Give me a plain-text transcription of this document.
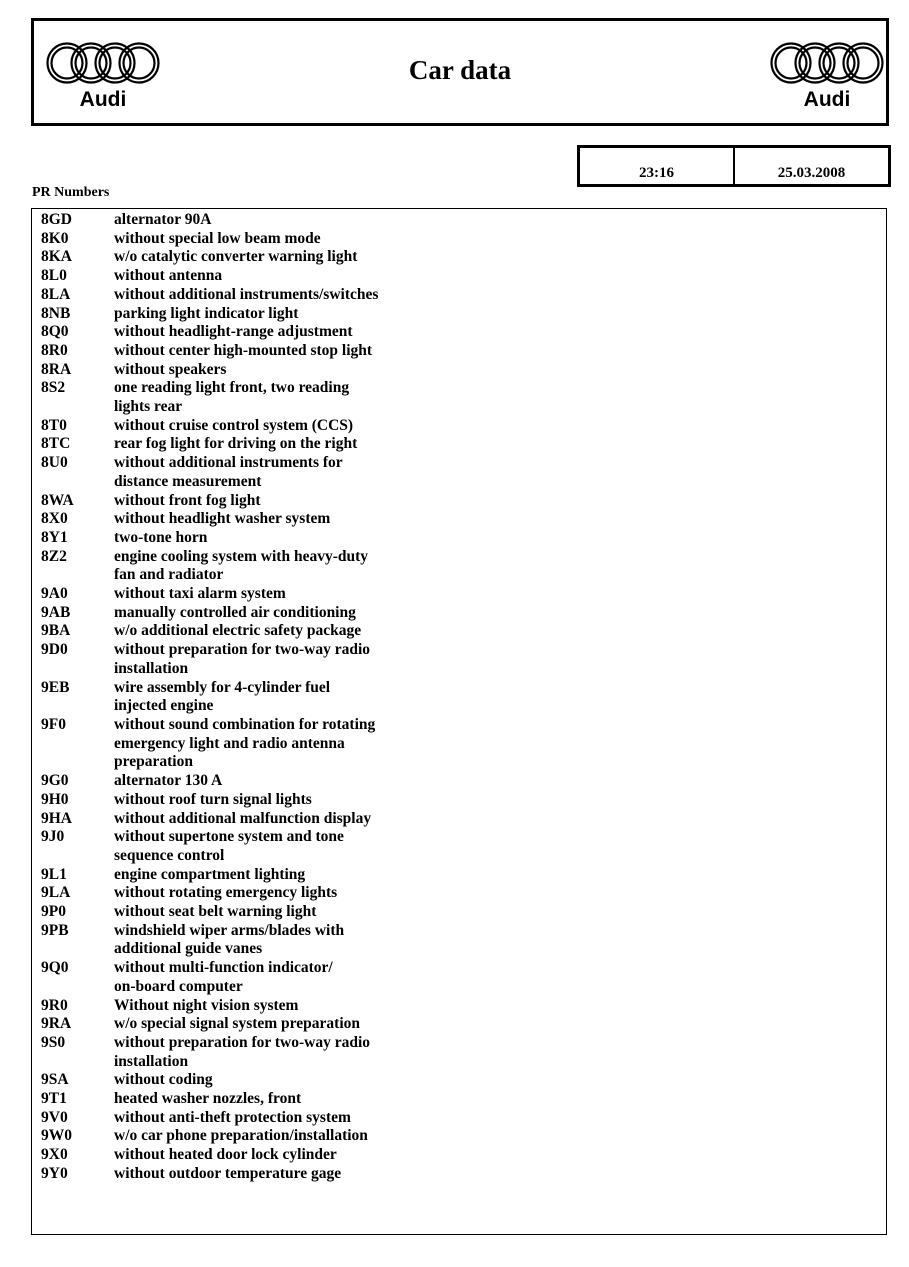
Audi
Car data
Audi
23:16	25.03.2008
PR Numbers
8GD	alternator 90A
8K0	without special low beam mode
8KA	w/o catalytic converter warning light
8L0	without antenna
8LA	without additional instruments/switches
8NB	parking light indicator light
8Q0	without headlight-range adjustment
8R0	without center high-mounted stop light
8RA	without speakers
8S2	one reading light front, two reading
lights rear
8T0	without cruise control system (CCS)
8TC	rear fog light for driving on the right
8U0	without additional instruments for
distance measurement
8WA	without front fog light
8X0	without headlight washer system
8Y1	two-tone horn
8Z2	engine cooling system with heavy-duty
fan and radiator
9A0	without taxi alarm system
9AB	manually controlled air conditioning
9BA	w/o additional electric safety package
9D0	without preparation for two-way radio
installation
9EB	wire assembly for 4-cylinder fuel
injected engine
9F0	without sound combination for rotating
emergency light and radio antenna
preparation
9G0	alternator 130 A
9H0	without roof turn signal lights
9HA	without additional malfunction display
9J0	without supertone system and tone
sequence control
9L1	engine compartment lighting
9LA	without rotating emergency lights
9P0	without seat belt warning light
9PB	windshield wiper arms/blades with
additional guide vanes
9Q0	without multi-function indicator/
on-board computer
9R0	Without night vision system
9RA	w/o special signal system preparation
9S0	without preparation for two-way radio
installation
9SA	without coding
9T1	heated washer nozzles, front
9V0	without anti-theft protection system
9W0	w/o car phone preparation/installation
9X0	without heated door lock cylinder
9Y0	without outdoor temperature gage
